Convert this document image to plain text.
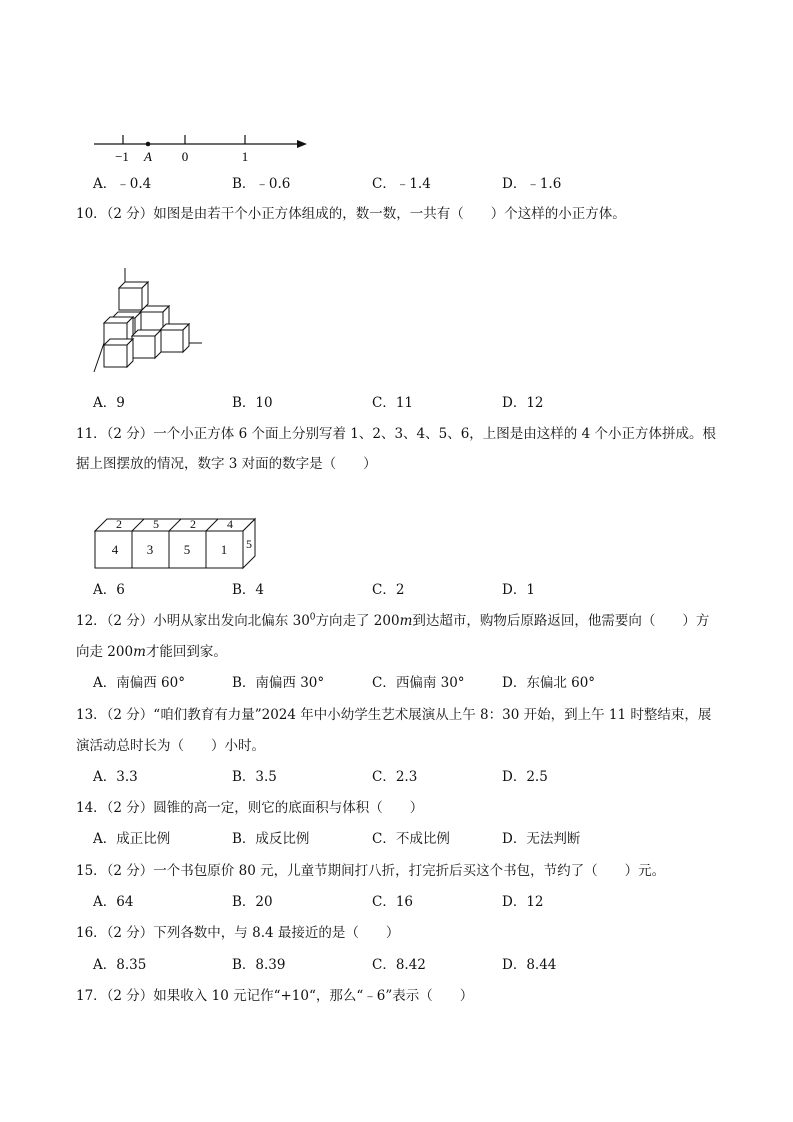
−1 A 0	1
A．﹣0.4	B．﹣0.6	C．﹣1.4	D．﹣1.6
10．（2 分）如图是由若干个小正方体组成的，数一数，一共有（　　）个这样的小正方体。
A．9	B．10	C．11	D．12
11．（2 分）一个小正方体 6 个面上分别写着 1、2、3、4、5、6，上图是由这样的 4 个小正方体拼成。根
据上图摆放的情况，数字 3 对面的数字是（　　）
2	5	2	4
4 3 5 1 5
A．6	B．4	C．2	D．1
12．（2 分）小明从家出发向北偏东 $30^0$方向走了 200m到达超市，购物后原路返回，他需要向（　　）方
向走 200m才能回到家。
A．南偏西 60°	B．南偏西 30°	C．西偏南 30°	D．东偏北 60°
13．（2 分）“咱们教育有力量”2024 年中小幼学生艺术展演从上午 8：30 开始，到上午 11 时整结束，展
演活动总时长为（　　）小时。
A．3.3	B．3.5	C．2.3	D．2.5
14．（2 分）圆锥的高一定，则它的底面积与体积（　　）
A．成正比例	B．成反比例	C．不成比例	D．无法判断
15．（2 分）一个书包原价 80 元，儿童节期间打八折，打完折后买这个书包，节约了（　　）元。
A．64	B．20	C．16	D．12
16．（2 分）下列各数中，与 8.4 最接近的是（　　）
A．8.35	B．8.39	C．8.42	D．8.44
17．（2 分）如果收入 10 元记作“+10“，那么“﹣6”表示（　　）
